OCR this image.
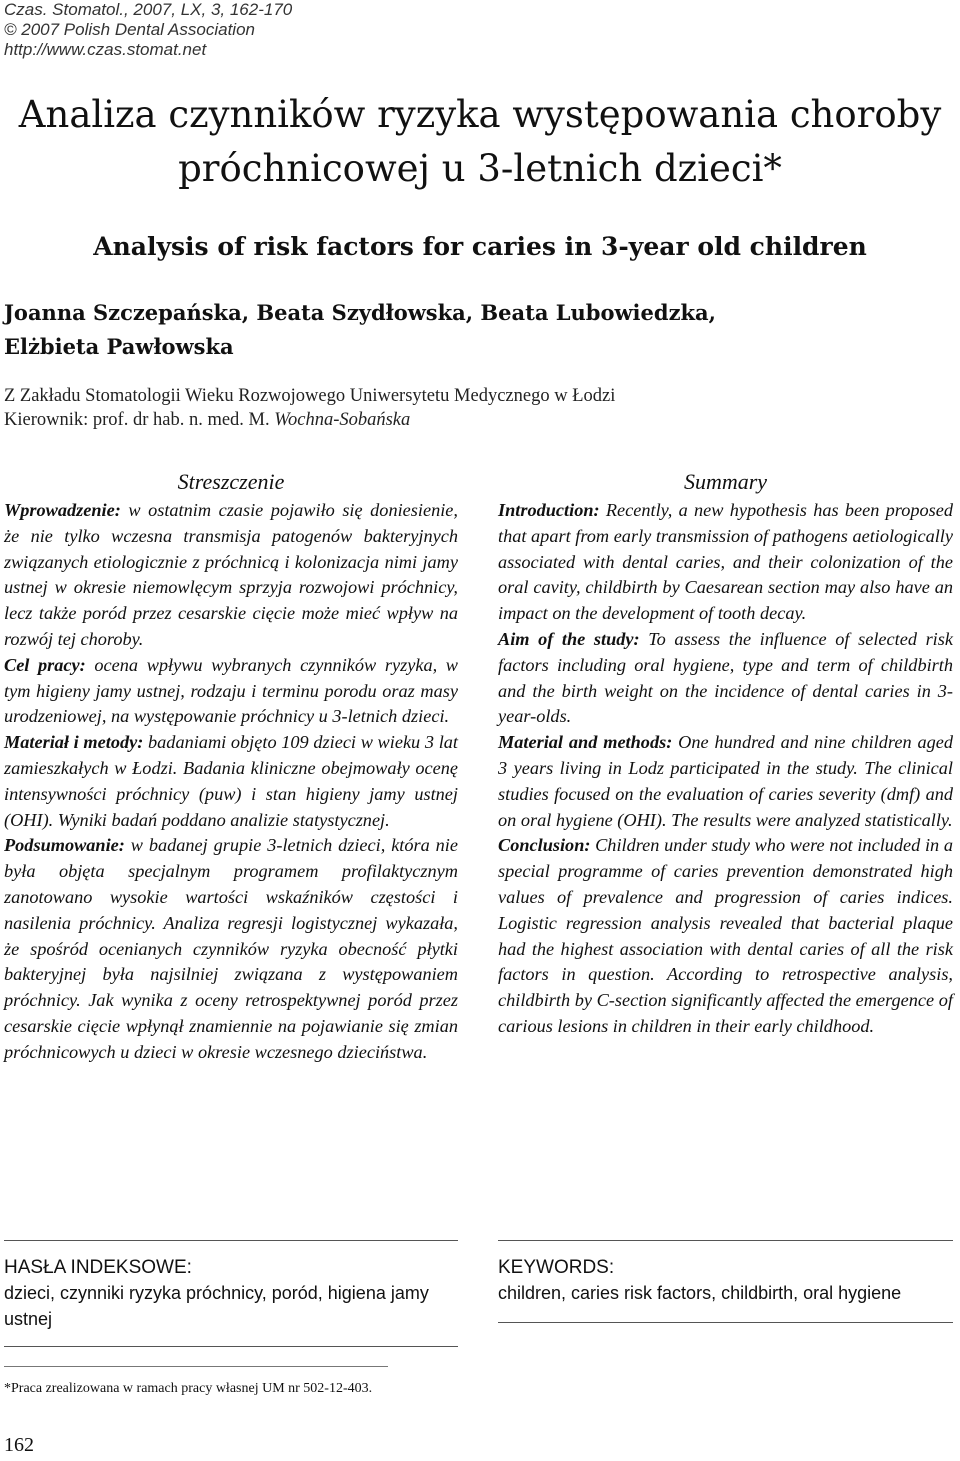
Czas. Stomatol., 2007, LX, 3, 162-170
© 2007 Polish Dental Association
http://www.czas.stomat.net
Analiza czynników ryzyka występowania choroby
próchnicowej u 3-letnich dzieci*
Analysis of risk factors for caries in 3-year old children
Joanna Szczepańska, Beata Szydłowska, Beata Lubowiedzka,
Elżbieta Pawłowska
Z Zakładu Stomatologii Wieku Rozwojowego Uniwersytetu Medycznego w Łodzi
Kierownik: prof. dr hab. n. med. M. Wochna-Sobańska
Streszczenie

Wprowadzenie: w ostatnim czasie pojawiło się doniesienie, że nie tylko wczesna transmisja patogenów bakteryjnych związanych etiologicznie z próchnicą i kolonizacja nimi jamy ustnej w okresie niemowlęcym sprzyja rozwojowi próchnicy, lecz także poród przez cesarskie cięcie może mieć wpływ na rozwój tej choroby.

Cel pracy: ocena wpływu wybranych czynników ryzyka, w tym higieny jamy ustnej, rodzaju i terminu porodu oraz masy urodzeniowej, na występowanie próchnicy u 3-letnich dzieci.

Materiał i metody: badaniami objęto 109 dzieci w wieku 3 lat zamieszkałych w Łodzi. Badania kliniczne obejmowały ocenę intensywności próchnicy (puw) i stan higieny jamy ustnej (OHI). Wyniki badań poddano analizie statystycznej.

Podsumowanie: w badanej grupie 3-letnich dzieci, która nie była objęta specjalnym programem profilaktycznym zanotowano wysokie wartości wskaźników częstości i nasilenia próchnicy. Analiza regresji logistycznej wykazała, że spośród ocenianych czynników ryzyka obecność płytki bakteryjnej była najsilniej związana z występowaniem próchnicy. Jak wynika z oceny retrospektywnej poród przez cesarskie cięcie wpłynął znamiennie na pojawianie się zmian próchnicowych u dzieci w okresie wczesnego dzieciństwa.

Summary

Introduction: Recently, a new hypothesis has been proposed that apart from early transmission of pathogens aetiologically associated with dental caries, and their colonization of the oral cavity, childbirth by Caesarean section may also have an impact on the development of tooth decay.

Aim of the study: To assess the influence of selected risk factors including oral hygiene, type and term of childbirth and the birth weight on the incidence of dental caries in 3-year-olds.

Material and methods: One hundred and nine children aged 3 years living in Lodz participated in the study. The clinical studies focused on the evaluation of caries severity (dmf) and on oral hygiene (OHI). The results were analyzed statistically.

Conclusion: Children under study who were not included in a special programme of caries prevention demonstrated high values of prevalence and progression of caries indices. Logistic regression analysis revealed that bacterial plaque had the highest association with dental caries of all the risk factors in question. According to retrospective analysis, childbirth by C-section significantly affected the emergence of carious lesions in children in their early childhood.

HASŁA INDEKSOWE:
dzieci, czynniki ryzyka próchnicy, poród, higiena jamy ustnej
KEYWORDS:
children, caries risk factors, childbirth, oral hygiene
*Praca zrealizowana w ramach pracy własnej UM nr 502-12-403.
162
